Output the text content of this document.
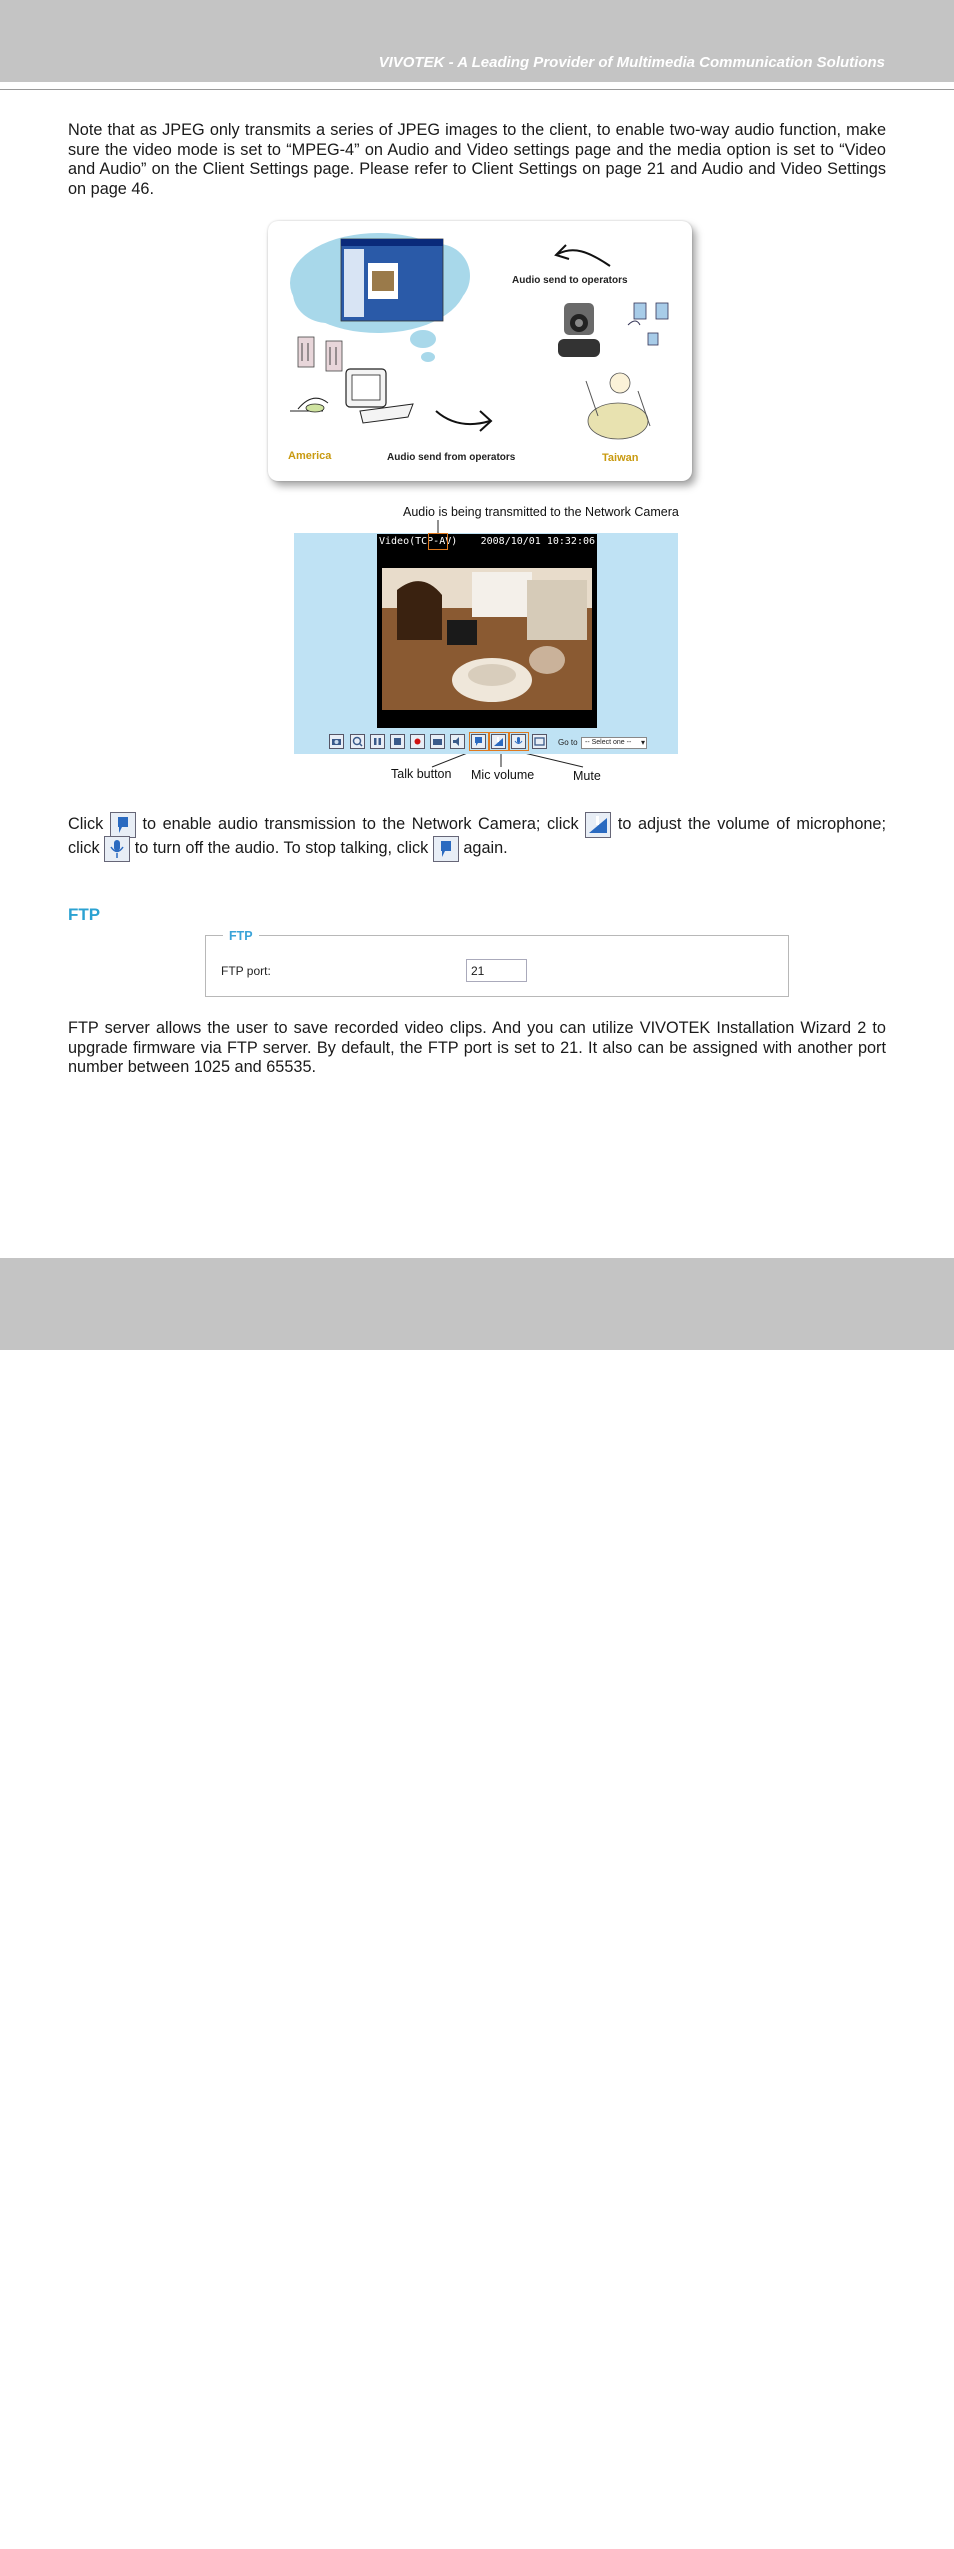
VIVOTEK - A Leading Provider of Multimedia Communication Solutions
Note that as JPEG only transmits a series of JPEG images to the client, to enable two-way audio function, make sure the video mode is set to “MPEG-4” on Audio and Video settings page and the media option is set to “Video and Audio” on the Client Settings page. Please refer to Client Settings on page 21 and Audio and Video Settings on page 46.
Audio send to operators
Audio send from operators
America	Taiwan
Audio is being transmitted to the Network Camera
Video(TCP-AV) 2008/10/01 10:32:06
Go to	-- Select one -- ▾
Talk button Mic volume	Mute
Click to enable audio transmission to the Network Camera; click to adjust the volume of microphone; click to turn off the audio. To stop talking, click again.
FTP
FTP
FTP port:	21
FTP server allows the user to save recorded video clips. And you can utilize VIVOTEK Installation Wizard 2 to upgrade firmware via FTP server. By default, the FTP port is set to 21. It also can be assigned with another port number between 1025 and 65535.
User's Manual - 37
